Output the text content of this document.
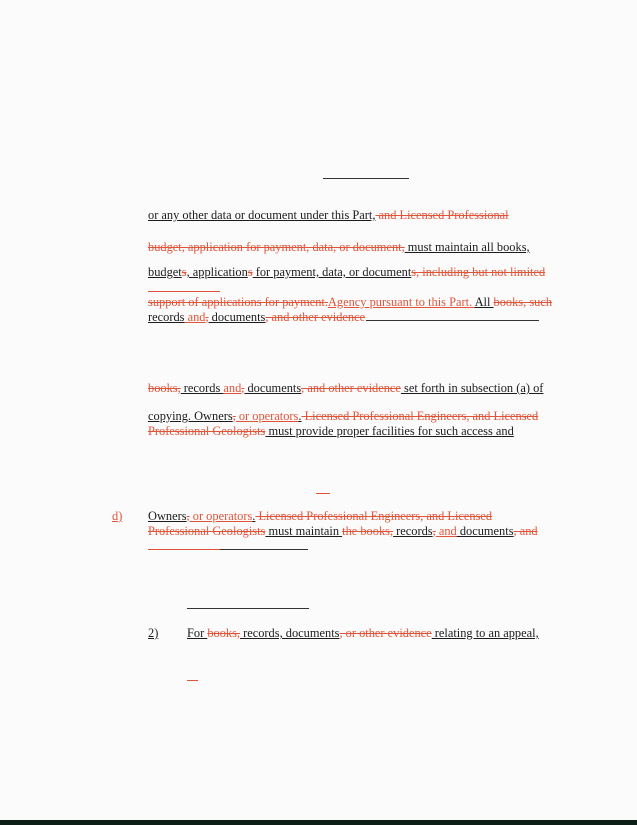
or any other data or document under this Part, and Licensed Professional
budget, application for payment, data, or document, must maintain all books,
budgets, applications for payment, data, or documents, including but not limited
support of applications for payment.Agency pursuant to this Part. All books, such
records and, documents, and other evidence
books, records and, documents, and other evidence set forth in subsection (a) of
copying. Owners, or operators. Licensed Professional Engineers, and Licensed
Professional Geologists must provide proper facilities for such access and
d) Owners, or operators. Licensed Professional Engineers, and Licensed
Professional Geologists must maintain the books, records, and documents, and
2) For books, records, documents, or other evidence relating to an appeal,
